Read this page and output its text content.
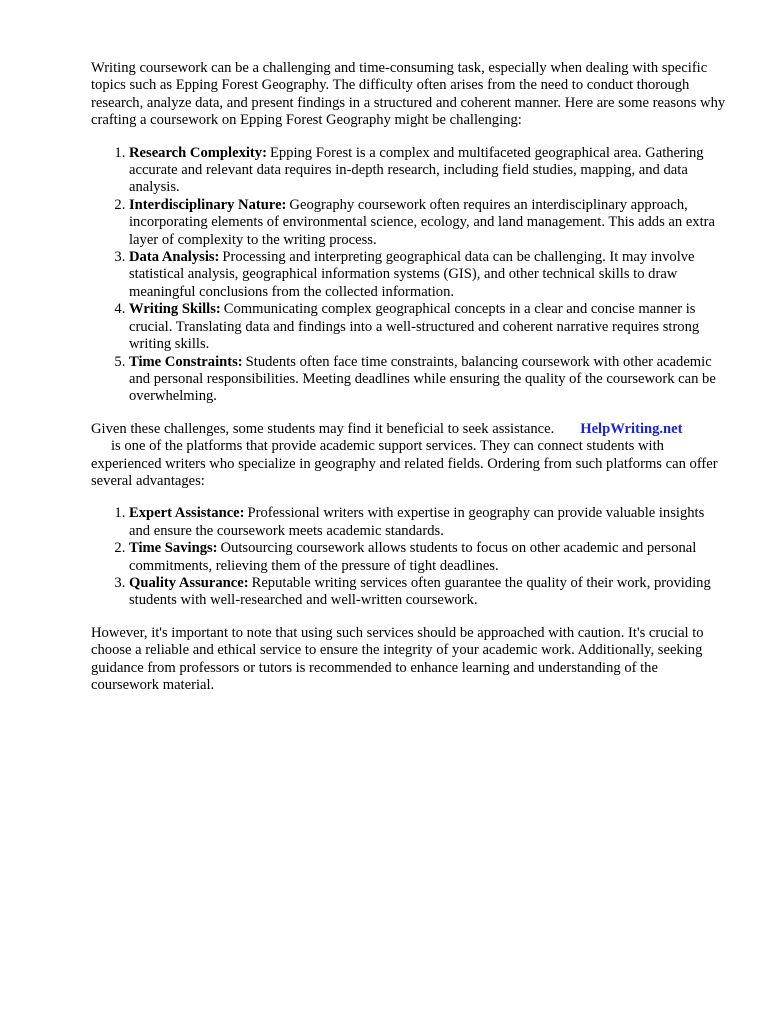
Writing coursework can be a challenging and time-consuming task, especially when dealing with specific topics such as Epping Forest Geography. The difficulty often arises from the need to conduct thorough research, analyze data, and present findings in a structured and coherent manner. Here are some reasons why crafting a coursework on Epping Forest Geography might be challenging:

1. Research Complexity: Epping Forest is a complex and multifaceted geographical area. Gathering accurate and relevant data requires in-depth research, including field studies, mapping, and data analysis.
2. Interdisciplinary Nature: Geography coursework often requires an interdisciplinary approach, incorporating elements of environmental science, ecology, and land management. This adds an extra layer of complexity to the writing process.
3. Data Analysis: Processing and interpreting geographical data can be challenging. It may involve statistical analysis, geographical information systems (GIS), and other technical skills to draw meaningful conclusions from the collected information.
4. Writing Skills: Communicating complex geographical concepts in a clear and concise manner is crucial. Translating data and findings into a well-structured and coherent narrative requires strong writing skills.
5. Time Constraints: Students often face time constraints, balancing coursework with other academic and personal responsibilities. Meeting deadlines while ensuring the quality of the coursework can be overwhelming.

Given these challenges, some students may find it beneficial to seek assistance. HelpWriting.net
is one of the platforms that provide academic support services. They can connect students with experienced writers who specialize in geography and related fields. Ordering from such platforms can offer several advantages:

1. Expert Assistance: Professional writers with expertise in geography can provide valuable insights and ensure the coursework meets academic standards.
2. Time Savings: Outsourcing coursework allows students to focus on other academic and personal commitments, relieving them of the pressure of tight deadlines.
3. Quality Assurance: Reputable writing services often guarantee the quality of their work, providing students with well-researched and well-written coursework.

However, it's important to note that using such services should be approached with caution. It's crucial to choose a reliable and ethical service to ensure the integrity of your academic work. Additionally, seeking guidance from professors or tutors is recommended to enhance learning and understanding of the coursework material.
